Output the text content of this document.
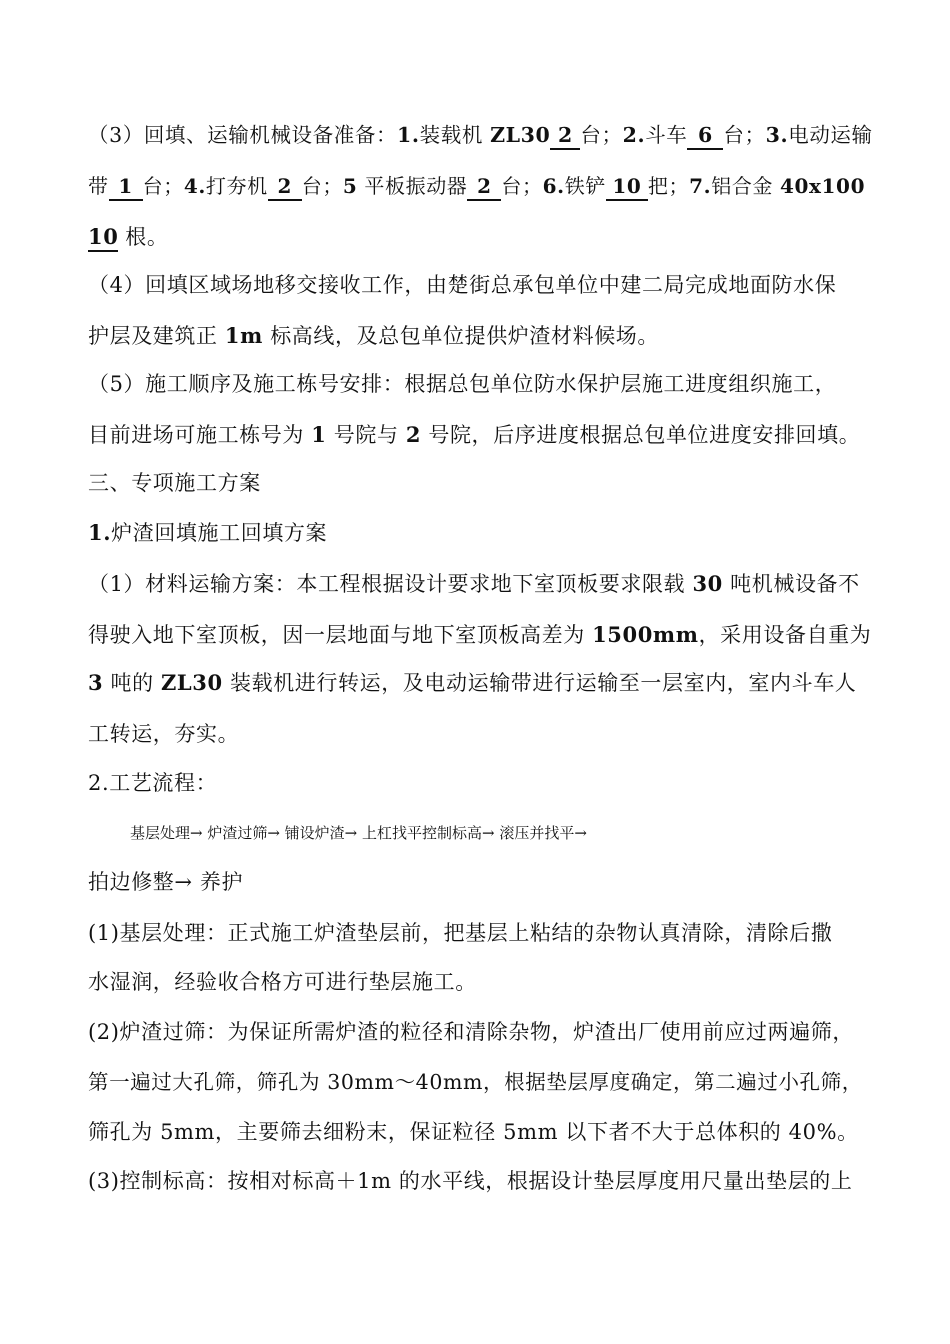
（3）回填、运输机械设备准备：1.装载机 ZL30 2 台；2.斗车 6 台；3.电动运输
带 1 台；4.打夯机 2 台；5 平板振动器 2 台；6.铁铲 10 把；7.铝合金 40x100
10 根。
（4）回填区域场地移交接收工作，由楚街总承包单位中建二局完成地面防水保
护层及建筑正 1m 标高线，及总包单位提供炉渣材料候场。
（5）施工顺序及施工栋号安排：根据总包单位防水保护层施工进度组织施工，
目前进场可施工栋号为 1 号院与 2 号院，后序进度根据总包单位进度安排回填。
三、专项施工方案
1.炉渣回填施工回填方案
（1）材料运输方案：本工程根据设计要求地下室顶板要求限载 30 吨机械设备不
得驶入地下室顶板，因一层地面与地下室顶板高差为 1500mm，采用设备自重为
3 吨的 ZL30 装载机进行转运，及电动运输带进行运输至一层室内，室内斗车人
工转运，夯实。
2.工艺流程：
基层处理→ 炉渣过筛→ 铺设炉渣→ 上杠找平控制标高→ 滚压并找平→
拍边修整→ 养护
(1)基层处理：正式施工炉渣垫层前，把基层上粘结的杂物认真清除，清除后撒
水湿润，经验收合格方可进行垫层施工。
(2)炉渣过筛：为保证所需炉渣的粒径和清除杂物，炉渣出厂使用前应过两遍筛，
第一遍过大孔筛，筛孔为 30mm～40mm，根据垫层厚度确定，第二遍过小孔筛，
筛孔为 5mm，主要筛去细粉末，保证粒径 5mm 以下者不大于总体积的 40%。
(3)控制标高：按相对标高＋1m 的水平线，根据设计垫层厚度用尺量出垫层的上
